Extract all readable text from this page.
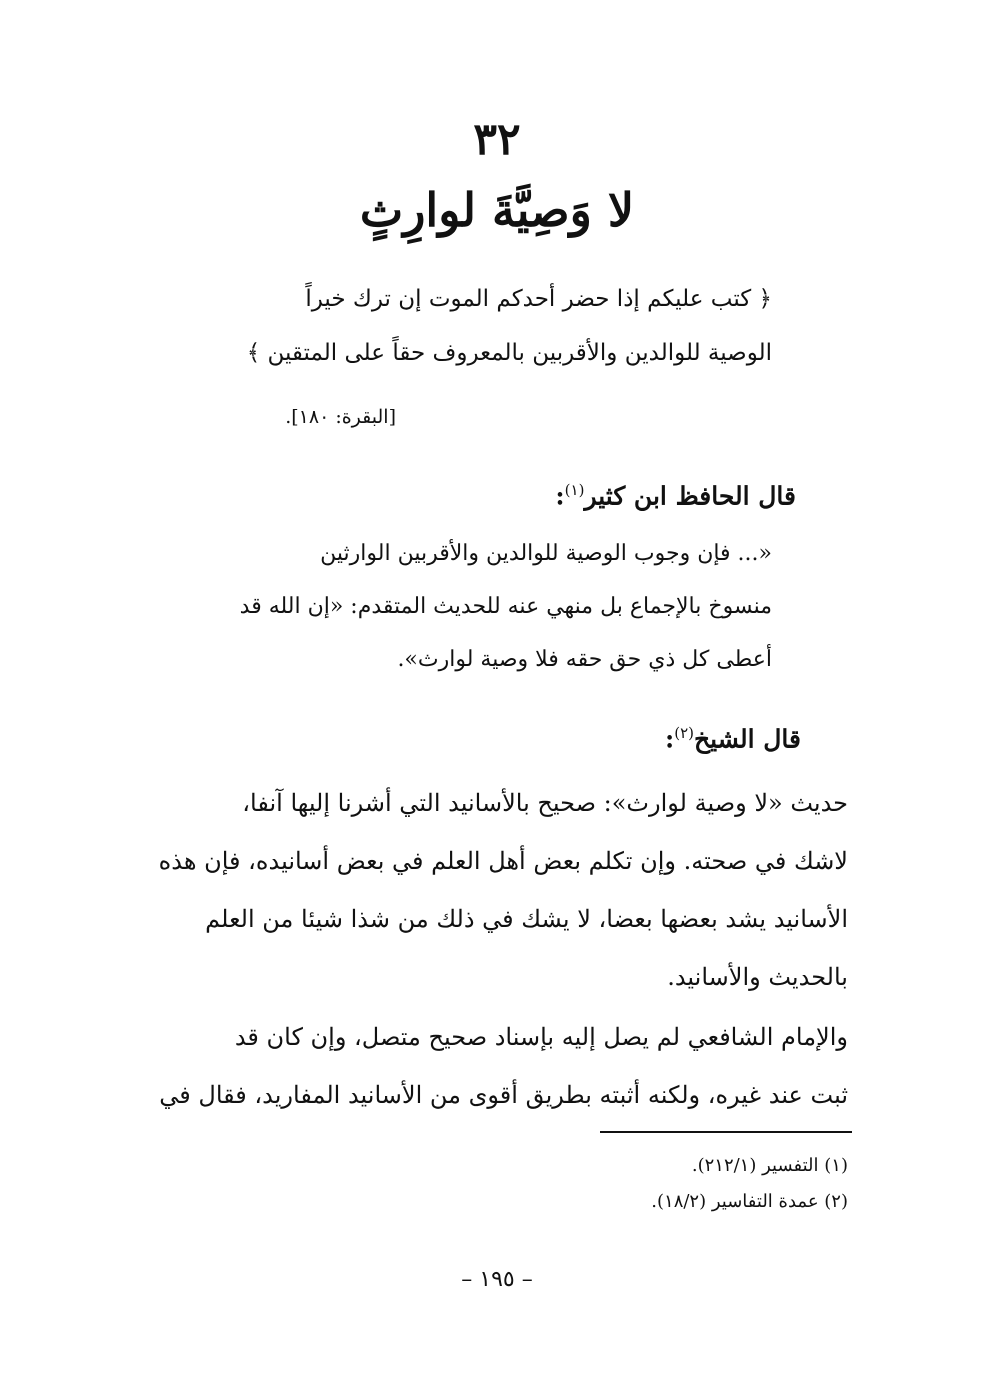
٣٢
لا وَصِيَّةَ لوارِثٍ
﴿ كتب عليكم إذا حضر أحدكم الموت إن ترك خيراً
الوصية للوالدين والأقربين بالمعروف حقاً على المتقين ﴾
[البقرة: ١٨٠].
قال الحافظ ابن كثير$^{(١)}$:
«... فإن وجوب الوصية للوالدين والأقربين الوارثين
منسوخ بالإجماع بل منهي عنه للحديث المتقدم: «إن الله قد
أعطى كل ذي حق حقه فلا وصية لوارث».
قال الشيخ$^{(٢)}$:
حديث «لا وصية لوارث»: صحيح بالأسانيد التي أشرنا إليها آنفا،
لاشك في صحته. وإن تكلم بعض أهل العلم في بعض أسانيده، فإن هذه
الأسانيد يشد بعضها بعضا، لا يشك في ذلك من شذا شيئا من العلم
بالحديث والأسانيد.
والإمام الشافعي لم يصل إليه بإسناد صحيح متصل، وإن كان قد
ثبت عند غيره، ولكنه أثبته بطريق أقوى من الأسانيد المفاريد، فقال في
(١) التفسير (٢١٢/١).
(٢) عمدة التفاسير (١٨/٢).
– ١٩٥ –
